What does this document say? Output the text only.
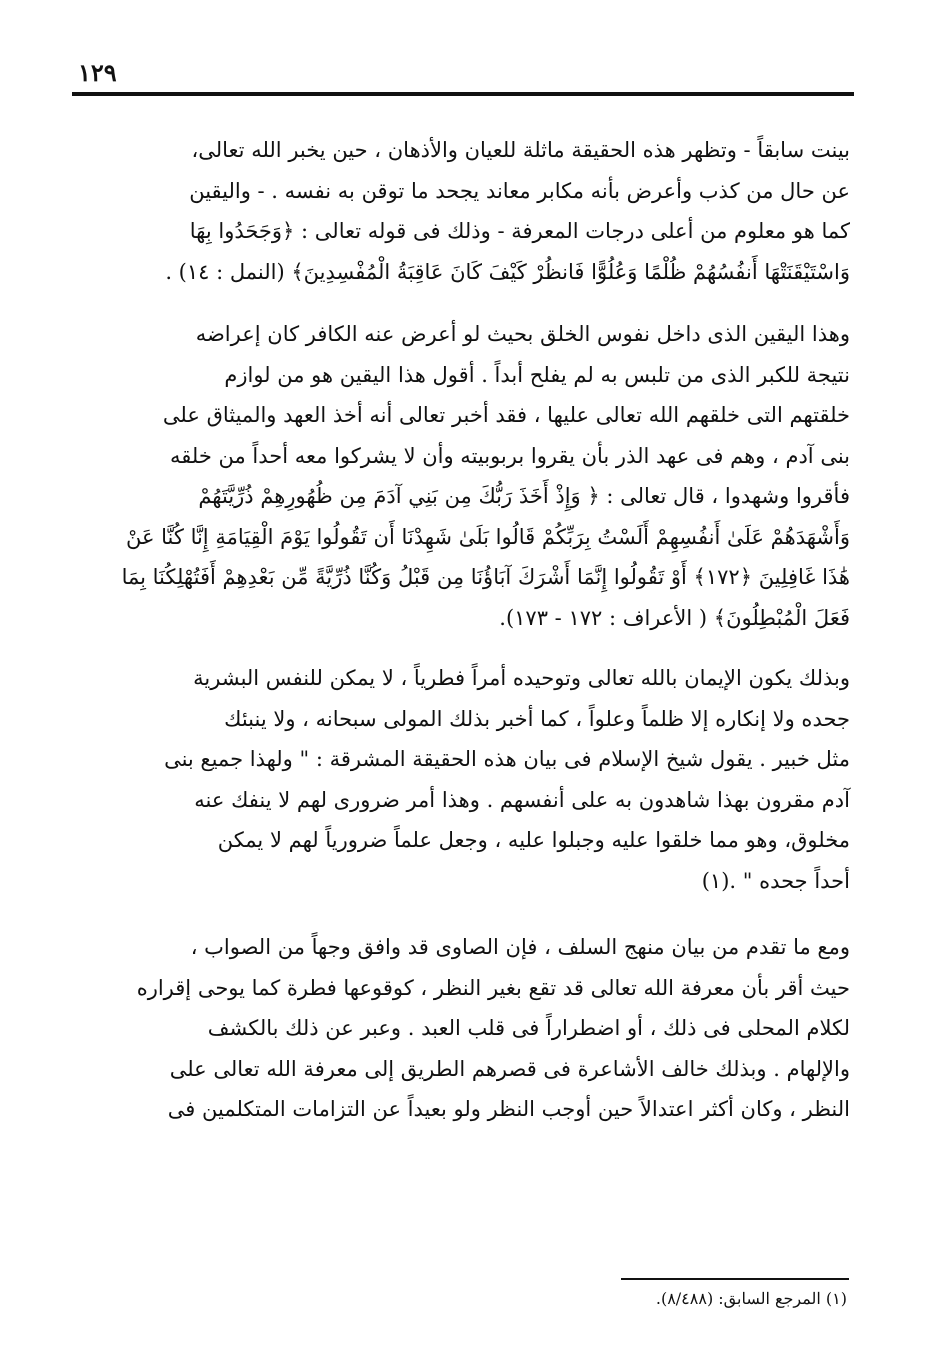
١٢٩

بينت سابقاً - وتظهر هذه الحقيقة ماثلة للعيان والأذهان ، حين يخبر الله تعالى،
عن حال من كذب وأعرض بأنه مكابر معاند يجحد ما توقن به نفسه . - واليقين
كما هو معلوم من أعلى درجات المعرفة - وذلك فى قوله تعالى : ﴿وَجَحَدُوا بِهَا
وَاسْتَيْقَنَتْهَا أَنفُسُهُمْ ظُلْمًا وَعُلُوًّا فَانظُرْ كَيْفَ كَانَ عَاقِبَةُ الْمُفْسِدِينَ﴾ (النمل : ١٤) .

وهذا اليقين الذى داخل نفوس الخلق بحيث لو أعرض عنه الكافر كان إعراضه
نتيجة للكبر الذى من تلبس به لم يفلح أبداً . أقول هذا اليقين هو من لوازم
خلقتهم التى خلقهم الله تعالى عليها ، فقد أخبر تعالى أنه أخذ العهد والميثاق على
بنى آدم ، وهم فى عهد الذر بأن يقروا بربوبيته وأن لا يشركوا معه أحداً من خلقه
فأقروا وشهدوا ، قال تعالى : ﴿ وَإِذْ أَخَذَ رَبُّكَ مِن بَنِي آدَمَ مِن ظُهُورِهِمْ ذُرِّيَّتَهُمْ
وَأَشْهَدَهُمْ عَلَىٰ أَنفُسِهِمْ أَلَسْتُ بِرَبِّكُمْ قَالُوا بَلَىٰ شَهِدْنَا أَن تَقُولُوا يَوْمَ الْقِيَامَةِ إِنَّا كُنَّا عَنْ
هَٰذَا غَافِلِينَ ﴿١٧٢﴾ أَوْ تَقُولُوا إِنَّمَا أَشْرَكَ آبَاؤُنَا مِن قَبْلُ وَكُنَّا ذُرِّيَّةً مِّن بَعْدِهِمْ أَفَتُهْلِكُنَا بِمَا
فَعَلَ الْمُبْطِلُونَ﴾ ( الأعراف : ١٧٢ - ١٧٣).

وبذلك يكون الإيمان بالله تعالى وتوحيده أمراً فطرياً ، لا يمكن للنفس البشرية
جحده ولا إنكاره إلا ظلماً وعلواً ، كما أخبر بذلك المولى سبحانه ، ولا ينبئك
مثل خبير . يقول شيخ الإسلام فى بيان هذه الحقيقة المشرقة : " ولهذا جميع بنى
آدم مقرون بهذا شاهدون به على أنفسهم . وهذا أمر ضرورى لهم لا ينفك عنه
مخلوق، وهو مما خلقوا عليه وجبلوا عليه ، وجعل علماً ضرورياً لهم لا يمكن
أحداً جحده " .(١)

ومع ما تقدم من بيان منهج السلف ، فإن الصاوى قد وافق وجهاً من الصواب ،
حيث أقر بأن معرفة الله تعالى قد تقع بغير النظر ، كوقوعها فطرة كما يوحى إقراره
لكلام المحلى فى ذلك ، أو اضطراراً فى قلب العبد . وعبر عن ذلك بالكشف
والإلهام . وبذلك خالف الأشاعرة فى قصرهم الطريق إلى معرفة الله تعالى على
النظر ، وكان أكثر اعتدالاً حين أوجب النظر ولو بعيداً عن التزامات المتكلمين فى

(١) المرجع السابق: (٨/٤٨٨).
